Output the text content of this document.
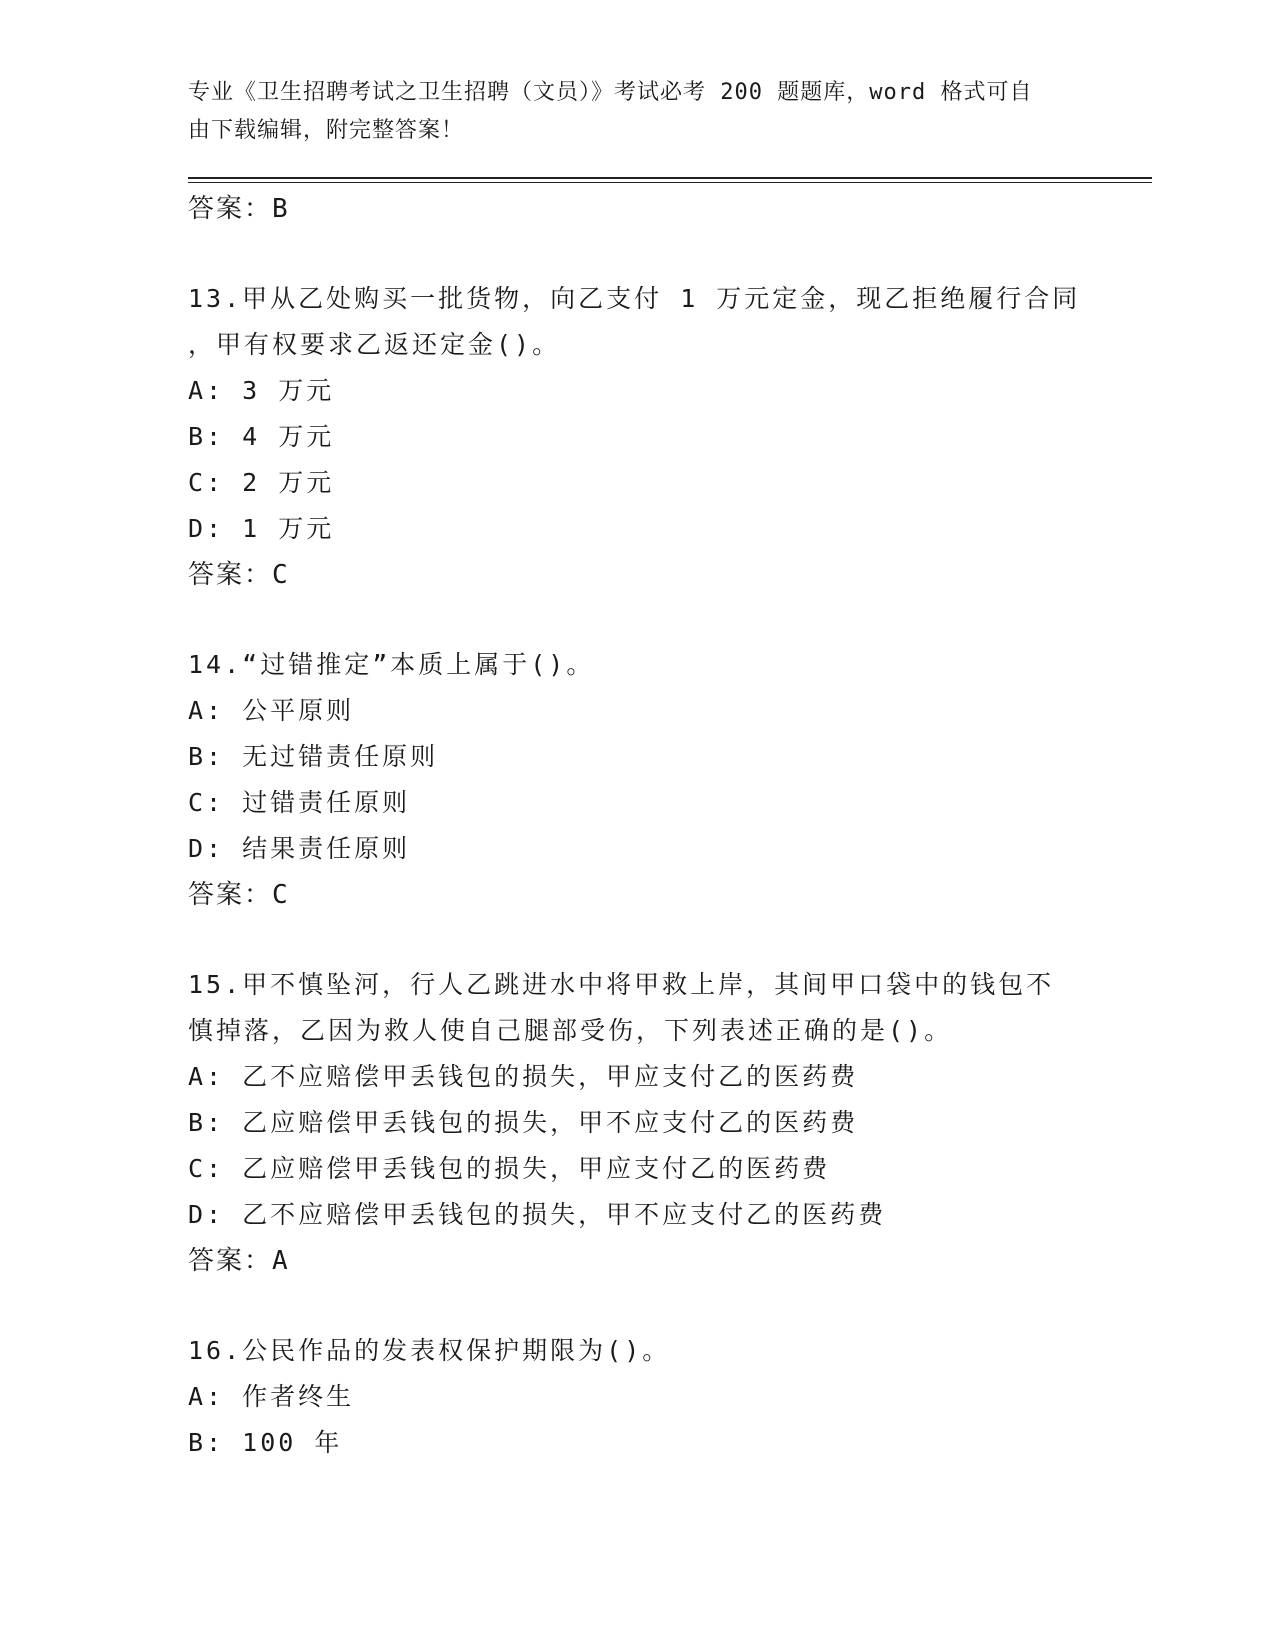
专业《卫生招聘考试之卫生招聘（文员）》考试必考 200 题题库，word 格式可自
由下载编辑，附完整答案！
答案：B
13.甲从乙处购买一批货物，向乙支付 1 万元定金，现乙拒绝履行合同
，甲有权要求乙返还定金()。
A: 3 万元
B: 4 万元
C: 2 万元
D: 1 万元
答案：C
14.“过错推定”本质上属于()。
A: 公平原则
B: 无过错责任原则
C: 过错责任原则
D: 结果责任原则
答案：C
15.甲不慎坠河，行人乙跳进水中将甲救上岸，其间甲口袋中的钱包不
慎掉落，乙因为救人使自己腿部受伤，下列表述正确的是()。
A: 乙不应赔偿甲丢钱包的损失，甲应支付乙的医药费
B: 乙应赔偿甲丢钱包的损失，甲不应支付乙的医药费
C: 乙应赔偿甲丢钱包的损失，甲应支付乙的医药费
D: 乙不应赔偿甲丢钱包的损失，甲不应支付乙的医药费
答案：A
16.公民作品的发表权保护期限为()。
A: 作者终生
B: 100 年
